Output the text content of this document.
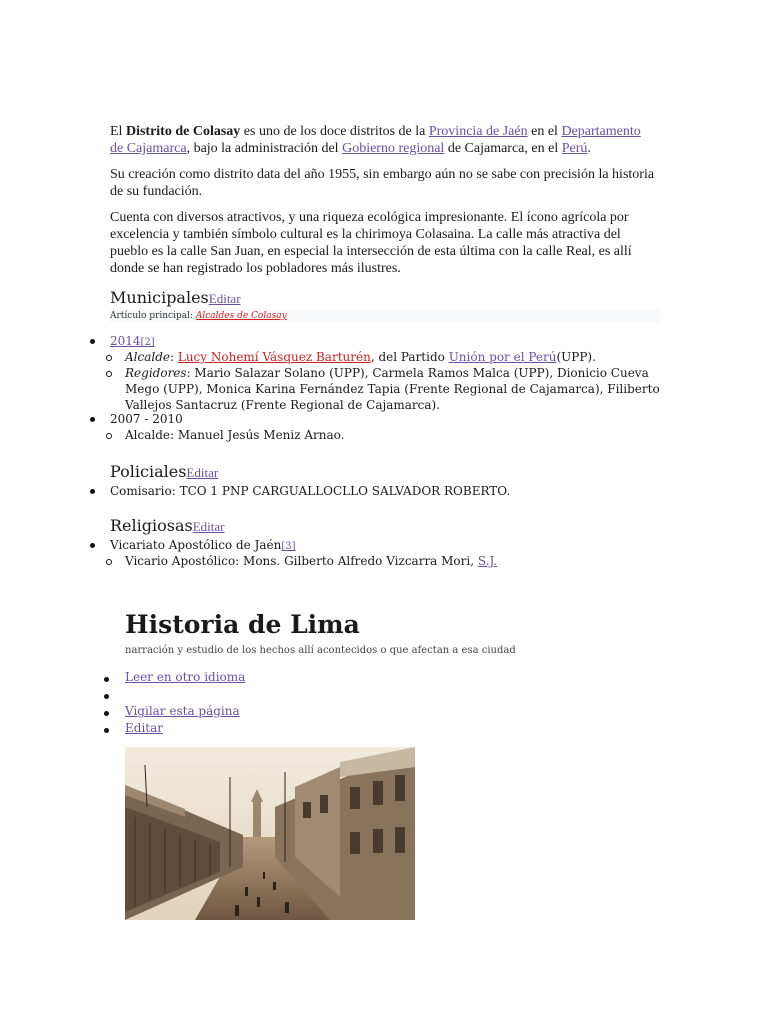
El Distrito de Colasay es uno de los doce distritos de la Provincia de Jaén en el Departamento de Cajamarca, bajo la administración del Gobierno regional de Cajamarca, en el Perú.

Su creación como distrito data del año 1955, sin embargo aún no se sabe con precisión la historia de su fundación.

Cuenta con diversos atractivos, y una riqueza ecológica impresionante. El ícono agrícola por excelencia y también símbolo cultural es la chirimoya Colasaina. La calle más atractiva del pueblo es la calle San Juan, en especial la intersección de esta última con la calle Real, es allí donde se han registrado los pobladores más ilustres.

MunicipalesEditar
Artículo principal: Alcaldes de Colasay
2014[2]
Alcalde: Lucy Nohemí Vásquez Barturén, del Partido Unión por el Perú(UPP).
Regidores: Mario Salazar Solano (UPP), Carmela Ramos Malca (UPP), Dionicio Cueva
Mego (UPP), Monica Karina Fernández Tapia (Frente Regional de Cajamarca), Filiberto
Vallejos Santacruz (Frente Regional de Cajamarca).
2007 - 2010
Alcalde: Manuel Jesús Meniz Arnao.
PolicialesEditar
Comisario: TCO 1 PNP CARGUALLOCLLO SALVADOR ROBERTO.
ReligiosasEditar
Vicariato Apostólico de Jaén[3]
Vicario Apostólico: Mons. Gilberto Alfredo Vizcarra Mori, S.J.
Historia de Lima
narración y estudio de los hechos allí acontecidos o que afectan a esa ciudad
Leer en otro idioma
Vigilar esta página
Editar
